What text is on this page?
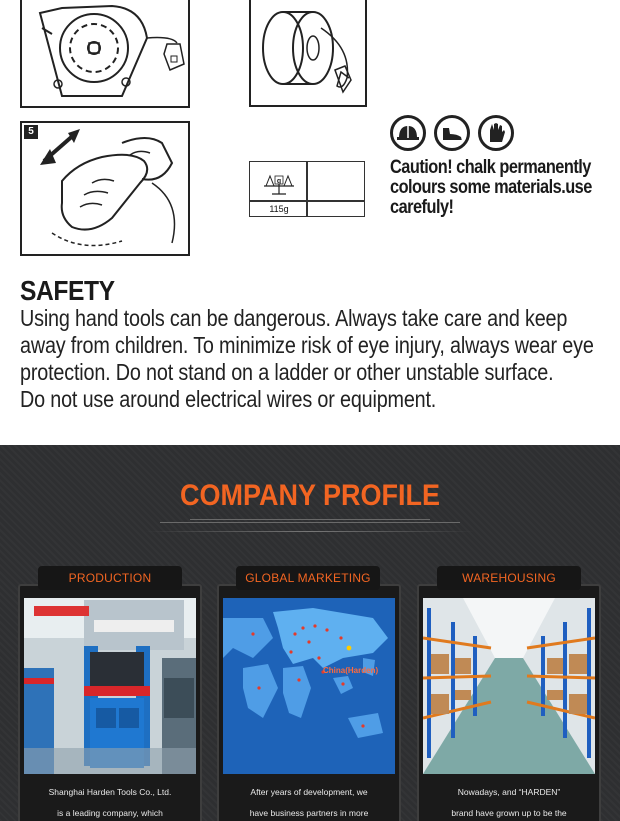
5
g
115g
Caution! chalk permanently
colours some materials.use
carefuly!
SAFETY
Using hand tools can be dangerous. Always take care and keep
away from children. To minimize risk of eye injury, always wear eye
protection. Do not stand on a ladder or other unstable surface.
Do not use around electrical wires or equipment.
COMPANY PROFILE
Shanghai Harden Tools Co., Ltd.
is a leading company, which
PRODUCTION
China(Harden)
After years of development, we
have business partners in more
GLOBAL MARKETING
Nowadays, and “HARDEN”
brand have grown up to be the
WAREHOUSING
